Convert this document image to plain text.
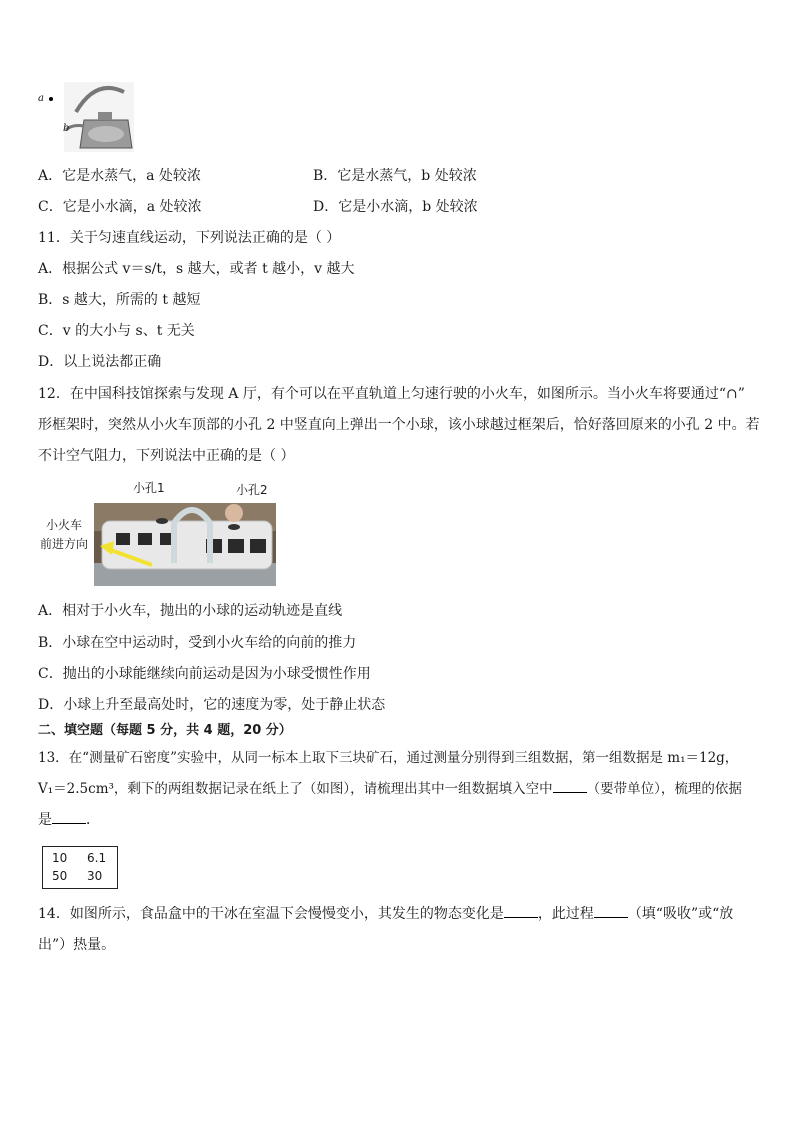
a
b
A．它是水蒸气，a 处较浓	B．它是水蒸气，b 处较浓
C．它是小水滴，a 处较浓	D．它是小水滴，b 处较浓
11．关于匀速直线运动，下列说法正确的是（ ）
A．根据公式 v＝s/t，s 越大，或者 t 越小，v 越大
B．s 越大，所需的 t 越短
C．v 的大小与 s、t 无关
D．以上说法都正确
12．在中国科技馆探索与发现 A 厅，有个可以在平直轨道上匀速行驶的小火车，如图所示。当小火车将要通过“∩”
形框架时，突然从小火车顶部的小孔 2 中竖直向上弹出一个小球，该小球越过框架后，恰好落回原来的小孔 2 中。若
不计空气阻力，下列说法中正确的是（ ）
小孔1	小孔2
小火车
前进方向
A．相对于小火车，抛出的小球的运动轨迹是直线
B．小球在空中运动时，受到小火车给的向前的推力
C．抛出的小球能继续向前运动是因为小球受惯性作用
D．小球上升至最高处时，它的速度为零，处于静止状态
二、填空题（每题 5 分，共 4 题，20 分）
13．在“测量矿石密度”实验中，从同一标本上取下三块矿石，通过测量分别得到三组数据，第一组数据是 m₁＝12g，
V₁＝2.5cm³，剩下的两组数据记录在纸上了（如图），请梳理出其中一组数据填入空中	（要带单位），梳理的依据
是 ．
10 6.1
50 30
14．如图所示，食品盒中的干冰在室温下会慢慢变小，其发生的物态变化是 ，此过程 （填“吸收”或“放
出”）热量。
